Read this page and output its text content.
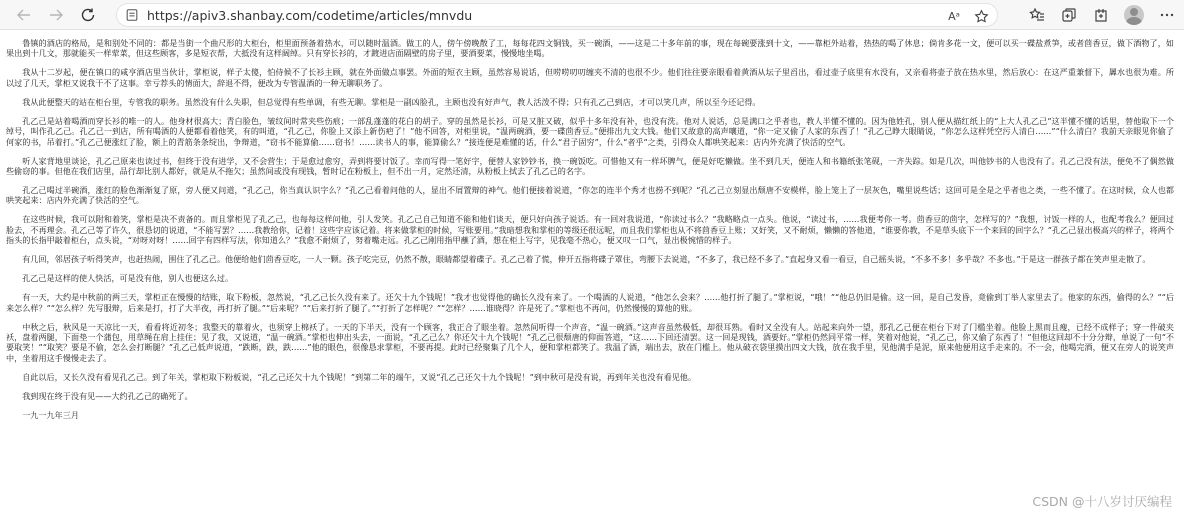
https://apiv3.shanbay.com/codetime/articles/mnvdu	Aᵃ

鲁镇的酒店的格局，是和别处不同的：都是当街一个曲尺形的大柜台，柜里面预备着热水，可以随时温酒。做工的人，傍午傍晚散了工，每每花四文铜钱，买一碗酒，——这是二十多年前的事，现在每碗要涨到十文，——靠柜外站着，热热的喝了休息；倘肯多花一文，便可以买一碟盐煮笋，或者茴香豆，做下酒物了，如果出到十几文，那就能买一样荤菜，但这些顾客，多是短衣帮，大抵没有这样阔绰。只有穿长衫的，才踱进店面隔壁的房子里，要酒要菜，慢慢地坐喝。

我从十二岁起，便在镇口的咸亨酒店里当伙计，掌柜说，样子太傻，怕侍候不了长衫主顾，就在外面做点事罢。外面的短衣主顾，虽然容易说话，但唠唠叨叨缠夹不清的也很不少。他们往往要亲眼看着黄酒从坛子里舀出，看过壶子底里有水没有，又亲看将壶子放在热水里，然后放心：在这严重兼督下，羼水也很为难。所以过了几天，掌柜又说我干不了这事。幸亏荐头的情面大，辞退不得，便改为专管温酒的一种无聊职务了。

我从此便整天的站在柜台里，专管我的职务。虽然没有什么失职，但总觉得有些单调，有些无聊。掌柜是一副凶脸孔，主顾也没有好声气，教人活泼不得；只有孔乙己到店，才可以笑几声，所以至今还记得。

孔乙己是站着喝酒而穿长衫的唯一的人。他身材很高大；青白脸色，皱纹间时常夹些伤痕；一部乱蓬蓬的花白的胡子。穿的虽然是长衫，可是又脏又破，似乎十多年没有补，也没有洗。他对人说话，总是满口之乎者也，教人半懂不懂的。因为他姓孔，别人便从描红纸上的“上大人孔乙己”这半懂不懂的话里，替他取下一个绰号，叫作孔乙己。孔乙己一到店，所有喝酒的人便都看着他笑，有的叫道，“孔乙己，你脸上又添上新伤疤了！”他不回答，对柜里说，“温两碗酒，要一碟茴香豆。”便排出九文大钱。他们又故意的高声嚷道，“你一定又偷了人家的东西了！”孔乙己睁大眼睛说，“你怎么这样凭空污人清白……”“什么清白？我前天亲眼见你偷了何家的书，吊着打。”孔乙己便涨红了脸，额上的青筋条条绽出，争辩道，“窃书不能算偷……窃书！……读书人的事，能算偷么？”接连便是难懂的话，什么“君子固穷”，什么“者乎”之类，引得众人都哄笑起来：店内外充满了快活的空气。

听人家背地里谈论，孔乙己原来也读过书，但终于没有进学，又不会营生；于是愈过愈穷，弄到将要讨饭了。幸而写得一笔好字，便替人家钞钞书，换一碗饭吃。可惜他又有一样坏脾气，便是好吃懒做。坐不到几天，便连人和书籍纸张笔砚，一齐失踪。如是几次，叫他钞书的人也没有了。孔乙己没有法，便免不了偶然做些偷窃的事。但他在我们店里，品行却比别人都好，就是从不拖欠；虽然间或没有现钱，暂时记在粉板上，但不出一月，定然还清，从粉板上拭去了孔乙己的名字。

孔乙己喝过半碗酒，涨红的脸色渐渐复了原，旁人便又问道，“孔乙己，你当真认识字么？”孔乙己看着问他的人，显出不屑置辩的神气。他们便接着说道，“你怎的连半个秀才也捞不到呢？”孔乙己立刻显出颓唐不安模样，脸上笼上了一层灰色，嘴里说些话；这回可是全是之乎者也之类，一些不懂了。在这时候，众人也都哄笑起来：店内外充满了快活的空气。

在这些时候，我可以附和着笑，掌柜是决不责备的。而且掌柜见了孔乙己，也每每这样问他，引人发笑。孔乙己自己知道不能和他们谈天，便只好向孩子说话。有一回对我说道，“你读过书么？”我略略点一点头。他说，“读过书，……我便考你一考。茴香豆的茴字，怎样写的？”我想，讨饭一样的人，也配考我么？便回过脸去，不再理会。孔乙己等了许久，很恳切的说道，“不能写罢？……我教给你，记着！这些字应该记着。将来做掌柜的时候，写账要用。”我暗想我和掌柜的等级还很远呢，而且我们掌柜也从不将茴香豆上账；又好笑，又不耐烦，懒懒的答他道，“谁要你教，不是草头底下一个来回的回字么？”孔乙己显出极高兴的样子，将两个指头的长指甲敲着柜台，点头说，“对呀对呀！……回字有四样写法，你知道么？”我愈不耐烦了，努着嘴走远。孔乙己刚用指甲蘸了酒，想在柜上写字，见我毫不热心，便又叹一口气，显出极惋惜的样子。

有几回，邻居孩子听得笑声，也赶热闹，围住了孔乙己。他便给他们茴香豆吃，一人一颗。孩子吃完豆，仍然不散，眼睛都望着碟子。孔乙己着了慌，伸开五指将碟子罩住，弯腰下去说道，“不多了，我已经不多了。”直起身又看一看豆，自己摇头说，“不多不多！多乎哉？不多也。”于是这一群孩子都在笑声里走散了。

孔乙己是这样的使人快活，可是没有他，别人也便这么过。

有一天，大约是中秋前的两三天，掌柜正在慢慢的结账，取下粉板，忽然说，“孔乙己长久没有来了。还欠十九个钱呢！”我才也觉得他的确长久没有来了。一个喝酒的人说道，“他怎么会来？……他打折了腿了。”掌柜说，“哦！”“他总仍旧是偷。这一回，是自己发昏，竟偷到丁举人家里去了。他家的东西，偷得的么？”“后来怎么样？”“怎么样？先写服辩，后来是打，打了大半夜，再打折了腿。”“后来呢？”“后来打折了腿了。”“打折了怎样呢？”“怎样？……谁晓得？许是死了。”掌柜也不再问，仍然慢慢的算他的账。

中秋之后，秋风是一天凉比一天，看看将近初冬；我整天的靠着火，也须穿上棉袄了。一天的下半天，没有一个顾客，我正合了眼坐着。忽然间听得一个声音，“温一碗酒。”这声音虽然极低，却很耳熟。看时又全没有人。站起来向外一望，那孔乙己便在柜台下对了门槛坐着。他脸上黑而且瘦，已经不成样子；穿一件破夹袄，盘着两腿，下面垫一个蒲包，用草绳在肩上挂住；见了我，又说道，“温一碗酒。”掌柜也伸出头去，一面说，“孔乙己么？你还欠十九个钱呢！”孔乙己很颓唐的仰面答道，“这……下回还清罢。这一回是现钱，酒要好。”掌柜仍然同平常一样，笑着对他说，“孔乙己，你又偷了东西了！”但他这回却不十分分辩，单说了一句“不要取笑！”“取笑？要是不偷，怎么会打断腿？”孔乙己低声说道，“跌断，跌，跌……”他的眼色，很像恳求掌柜，不要再提。此时已经聚集了几个人，便和掌柜都笑了。我温了酒，端出去，放在门槛上。他从破衣袋里摸出四文大钱，放在我手里，见他满手是泥，原来他便用这手走来的。不一会，他喝完酒，便又在旁人的说笑声中，坐着用这手慢慢走去了。

自此以后，又长久没有看见孔乙己。到了年关，掌柜取下粉板说，“孔乙己还欠十九个钱呢！”到第二年的端午，又说“孔乙己还欠十九个钱呢！”到中秋可是没有说，再到年关也没有看见他。

我到现在终于没有见——大约孔乙己的确死了。

一九一九年三月

CSDN @十八岁讨厌编程
